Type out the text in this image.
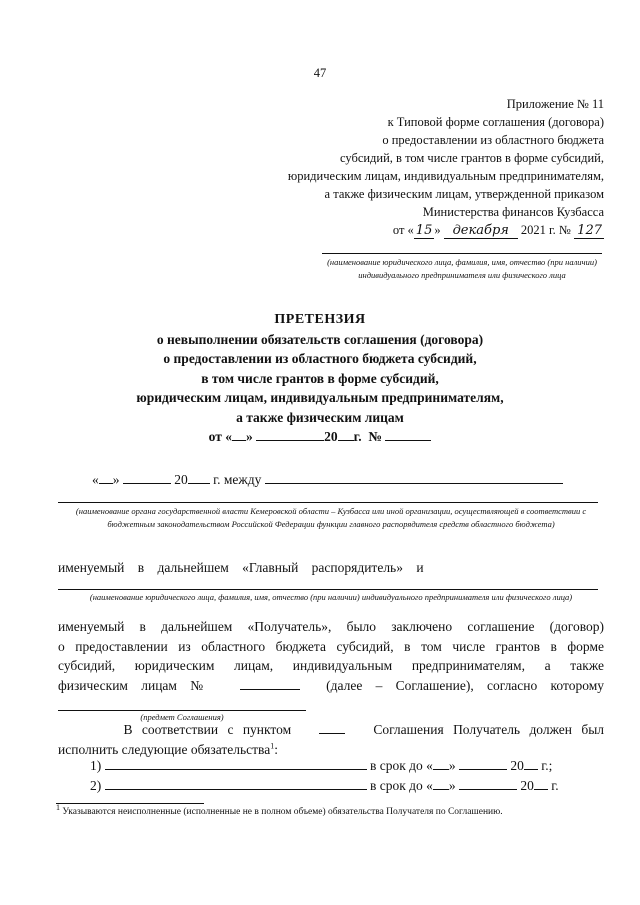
47
Приложение № 11
к Типовой форме соглашения (договора)
о предоставлении из областного бюджета
субсидий, в том числе грантов в форме субсидий,
юридическим лицам, индивидуальным предпринимателям,
а также физическим лицам, утвержденной приказом
Министерства финансов Кузбасса
от « 15 » декабря 2021 г. № 127
(наименование юридического лица, фамилия, имя, отчество (при наличии) индивидуального предпринимателя или физического лица
ПРЕТЕНЗИЯ
о невыполнении обязательств соглашения (договора)
о предоставлении из областного бюджета субсидий,
в том числе грантов в форме субсидий,
юридическим лицам, индивидуальным предпринимателям,
а также физическим лицам
от « »	20 г. №
« »	20 г. между
(наименование органа государственной власти Кемеровской области – Кузбасса или иной организации, осуществляющей в соответствии с бюджетным законодательством Российской Федерации функции главного распорядителя средств областного бюджета)
именуемый в дальнейшем «Главный распорядитель» и
(наименование юридического лица, фамилия, имя, отчество (при наличии) индивидуального предпринимателя или физического лица)

именуемый в дальнейшем «Получатель», было заключено соглашение (договор)

о предоставлении из областного бюджета субсидий, в том числе грантов в форме

субсидий, юридическим лицам, индивидуальным предпринимателям, а также

физическим лицам №	(далее – Соглашение), согласно которому

(предмет Соглашения)

В соответствии с пунктом	Соглашения Получатель должен был

исполнить следующие обязательства$^1$:

1)	в срок до « »	20 г.;
2)	в срок до « »	20 г.
$^1$ Указываются неисполненные (исполненные не в полном объеме) обязательства Получателя по Соглашению.
